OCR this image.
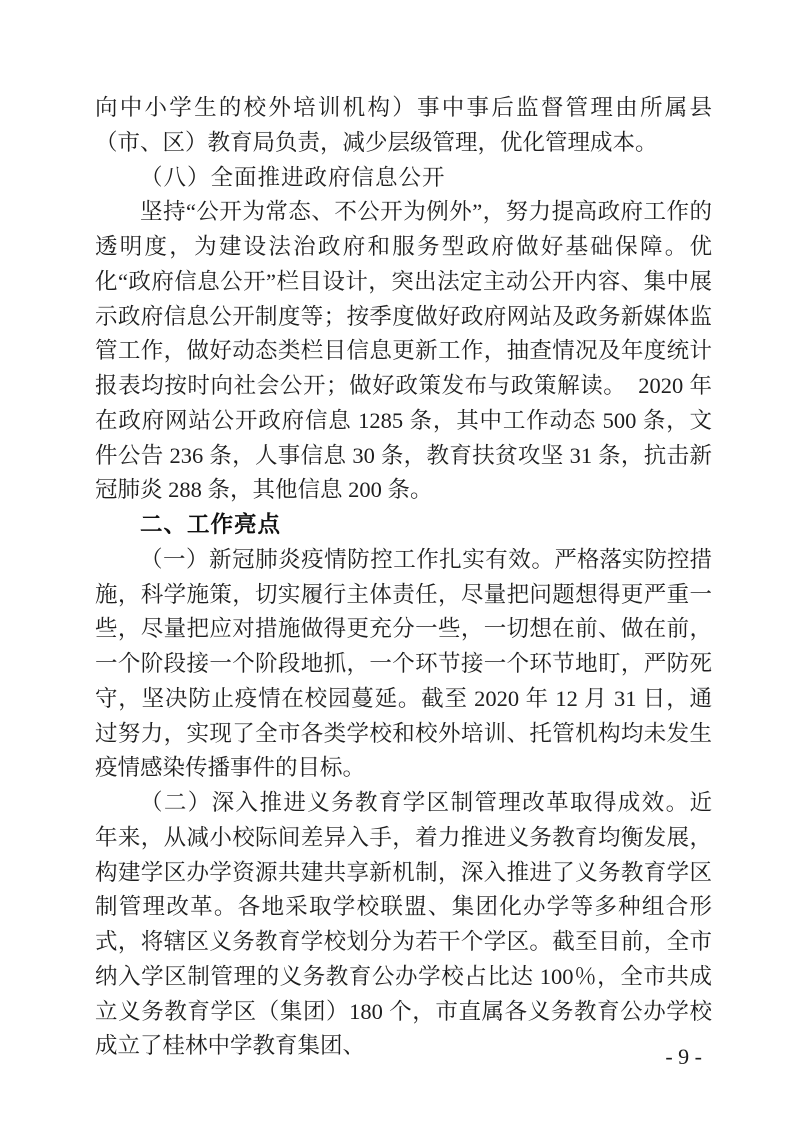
向中小学生的校外培训机构）事中事后监督管理由所属县（市、区）教育局负责，减少层级管理，优化管理成本。

（八）全面推进政府信息公开

坚持“公开为常态、不公开为例外”，努力提高政府工作的透明度，为建设法治政府和服务型政府做好基础保障。优化“政府信息公开”栏目设计，突出法定主动公开内容、集中展示政府信息公开制度等；按季度做好政府网站及政务新媒体监管工作，做好动态类栏目信息更新工作，抽查情况及年度统计报表均按时向社会公开；做好政策发布与政策解读。　2020 年在政府网站公开政府信息 1285 条，其中工作动态 500 条，文件公告 236 条，人事信息 30 条，教育扶贫攻坚 31 条，抗击新冠肺炎 288 条，其他信息 200 条。

二、工作亮点

（一）新冠肺炎疫情防控工作扎实有效。严格落实防控措施，科学施策，切实履行主体责任，尽量把问题想得更严重一些，尽量把应对措施做得更充分一些，一切想在前、做在前，一个阶段接一个阶段地抓，一个环节接一个环节地盯，严防死守，坚决防止疫情在校园蔓延。截至 2020 年 12 月 31 日，通过努力，实现了全市各类学校和校外培训、托管机构均未发生疫情感染传播事件的目标。

（二）深入推进义务教育学区制管理改革取得成效。近年来，从减小校际间差异入手，着力推进义务教育均衡发展，构建学区办学资源共建共享新机制，深入推进了义务教育学区制管理改革。各地采取学校联盟、集团化办学等多种组合形式，将辖区义务教育学校划分为若干个学区。截至目前，全市纳入学区制管理的义务教育公办学校占比达 100％，全市共成立义务教育学区（集团）180 个，市直属各义务教育公办学校成立了桂林中学教育集团、	- 9 -
